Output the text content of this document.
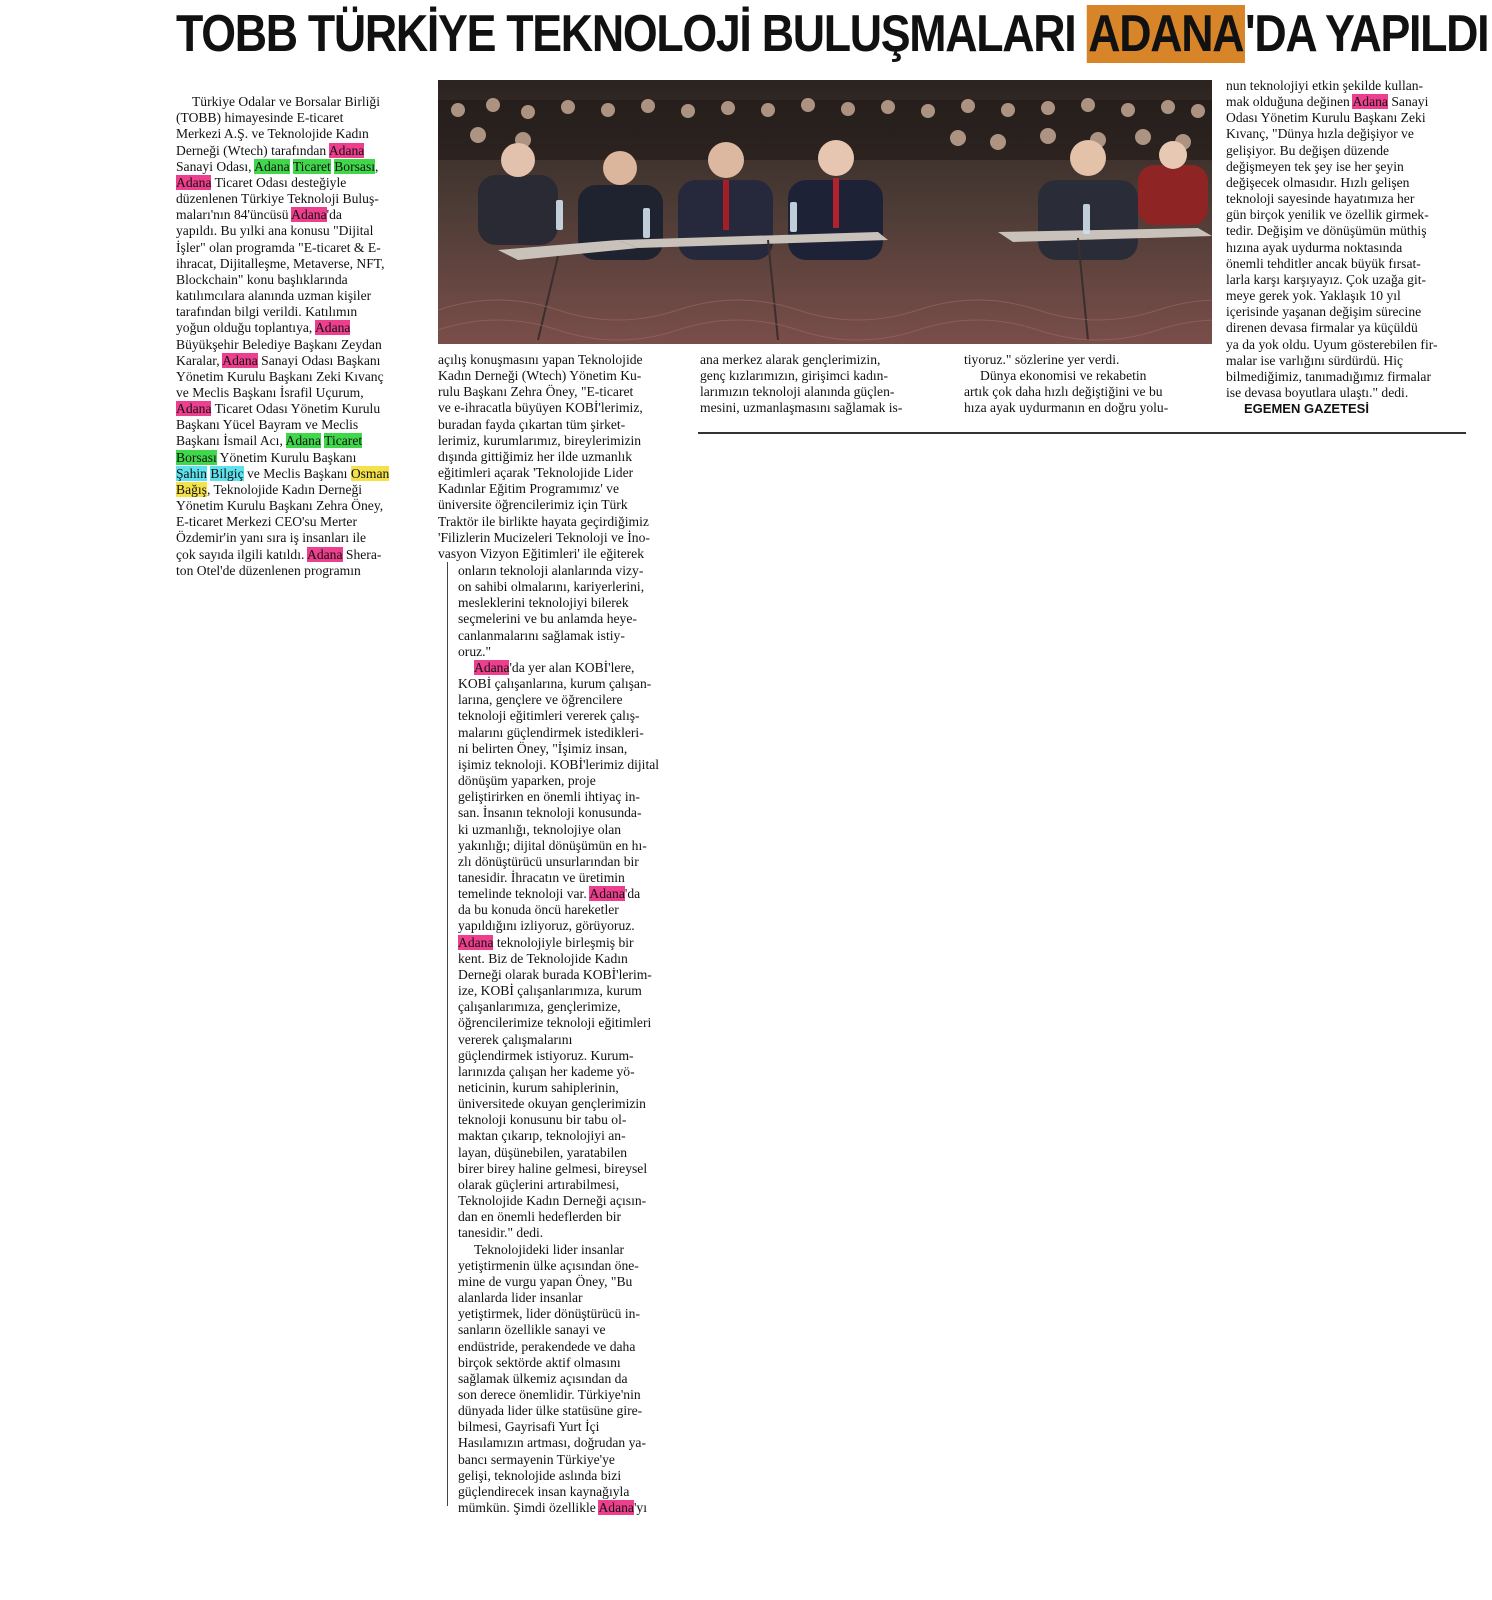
TOBB TÜRKİYE TEKNOLOJİ BULUŞMALARI ADANA'DA YAPILDI

Türkiye Odalar ve Borsalar Birliği
(TOBB) himayesinde E-ticaret
Merkezi A.Ş. ve Teknolojide Kadın
Derneği (Wtech) tarafından Adana
Sanayi Odası, Adana Ticaret Borsası,
Adana Ticaret Odası desteğiyle
düzenlenen Türkiye Teknoloji Buluş-
maları'nın 84'üncüsü Adana'da
yapıldı. Bu yılki ana konusu "Dijital
İşler" olan programda "E-ticaret & E-
ihracat, Dijitalleşme, Metaverse, NFT,
Blockchain" konu başlıklarında
katılımcılara alanında uzman kişiler
tarafından bilgi verildi. Katılımın
yoğun olduğu toplantıya, Adana
Büyükşehir Belediye Başkanı Zeydan
Karalar, Adana Sanayi Odası Başkanı
Yönetim Kurulu Başkanı Zeki Kıvanç
ve Meclis Başkanı İsrafil Uçurum,
Adana Ticaret Odası Yönetim Kurulu
Başkanı Yücel Bayram ve Meclis
Başkanı İsmail Acı, Adana Ticaret
Borsası Yönetim Kurulu Başkanı
Şahin Bilgiç ve Meclis Başkanı Osman
Bağış, Teknolojide Kadın Derneği
Yönetim Kurulu Başkanı Zehra Öney,
E-ticaret Merkezi CEO'su Merter
Özdemir'in yanı sıra iş insanları ile
çok sayıda ilgili katıldı. Adana Shera-
ton Otel'de düzenlenen programın
açılış konuşmasını yapan Teknolojide
Kadın Derneği (Wtech) Yönetim Ku-
rulu Başkanı Zehra Öney, "E-ticaret
ve e-ihracatla büyüyen KOBİ'lerimiz,
buradan fayda çıkartan tüm şirket-
lerimiz, kurumlarımız, bireylerimizin
dışında gittiğimiz her ilde uzmanlık
eğitimleri açarak 'Teknolojide Lider
Kadınlar Eğitim Programımız' ve
üniversite öğrencilerimiz için Türk
Traktör ile birlikte hayata geçirdiğimiz
'Filizlerin Mucizeleri Teknoloji ve İno-
vasyon Vizyon Eğitimleri' ile eğiterek
onların teknoloji alanlarında vizy-
on sahibi olmalarını, kariyerlerini,
mesleklerini teknolojiyi bilerek
seçmelerini ve bu anlamda heye-
canlanmalarını sağlamak istiy-
oruz."
Adana'da yer alan KOBİ'lere,
KOBİ çalışanlarına, kurum çalışan-
larına, gençlere ve öğrencilere
teknoloji eğitimleri vererek çalış-
malarını güçlendirmek istedikleri-
ni belirten Öney, "İşimiz insan,
işimiz teknoloji. KOBİ'lerimiz dijital
dönüşüm yaparken, proje
geliştirirken en önemli ihtiyaç in-
san. İnsanın teknoloji konusunda-
ki uzmanlığı, teknolojiye olan
yakınlığı; dijital dönüşümün en hı-
zlı dönüştürücü unsurlarından bir
tanesidir. İhracatın ve üretimin
temelinde teknoloji var. Adana'da
da bu konuda öncü hareketler
yapıldığını izliyoruz, görüyoruz.
Adana teknolojiyle birleşmiş bir
kent. Biz de Teknolojide Kadın
Derneği olarak burada KOBİ'lerim-
ize, KOBİ çalışanlarımıza, kurum
çalışanlarımıza, gençlerimize,
öğrencilerimize teknoloji eğitimleri
vererek çalışmalarını
güçlendirmek istiyoruz. Kurum-
larınızda çalışan her kademe yö-
neticinin, kurum sahiplerinin,
üniversitede okuyan gençlerimizin
teknoloji konusunu bir tabu ol-
maktan çıkarıp, teknolojiyi an-
layan, düşünebilen, yaratabilen
birer birey haline gelmesi, bireysel
olarak güçlerini artırabilmesi,
Teknolojide Kadın Derneği açısın-
dan en önemli hedeflerden bir
tanesidir." dedi.
Teknolojideki lider insanlar
yetiştirmenin ülke açısından öne-
mine de vurgu yapan Öney, "Bu
alanlarda lider insanlar
yetiştirmek, lider dönüştürücü in-
sanların özellikle sanayi ve
endüstride, perakendede ve daha
birçok sektörde aktif olmasını
sağlamak ülkemiz açısından da
son derece önemlidir. Türkiye'nin
dünyada lider ülke statüsüne gire-
bilmesi, Gayrisafi Yurt İçi
Hasılamızın artması, doğrudan ya-
bancı sermayenin Türkiye'ye
gelişi, teknolojide aslında bizi
güçlendirecek insan kaynağıyla
mümkün. Şimdi özellikle Adana'yı
ana merkez alarak gençlerimizin,
genç kızlarımızın, girişimci kadın-
larımızın teknoloji alanında güçlen-
mesini, uzmanlaşmasını sağlamak is-
tiyoruz." sözlerine yer verdi.
Dünya ekonomisi ve rekabetin
artık çok daha hızlı değiştiğini ve bu
hıza ayak uydurmanın en doğru yolu-
nun teknolojiyi etkin şekilde kullan-
mak olduğuna değinen Adana Sanayi
Odası Yönetim Kurulu Başkanı Zeki
Kıvanç, "Dünya hızla değişiyor ve
gelişiyor. Bu değişen düzende
değişmeyen tek şey ise her şeyin
değişecek olmasıdır. Hızlı gelişen
teknoloji sayesinde hayatımıza her
gün birçok yenilik ve özellik girmek-
tedir. Değişim ve dönüşümün müthiş
hızına ayak uydurma noktasında
önemli tehditler ancak büyük fırsat-
larla karşı karşıyayız. Çok uzağa git-
meye gerek yok. Yaklaşık 10 yıl
içerisinde yaşanan değişim sürecine
direnen devasa firmalar ya küçüldü
ya da yok oldu. Uyum gösterebilen fir-
malar ise varlığını sürdürdü. Hiç
bilmediğimiz, tanımadığımız firmalar
ise devasa boyutlara ulaştı." dedi.
EGEMEN GAZETESİ
